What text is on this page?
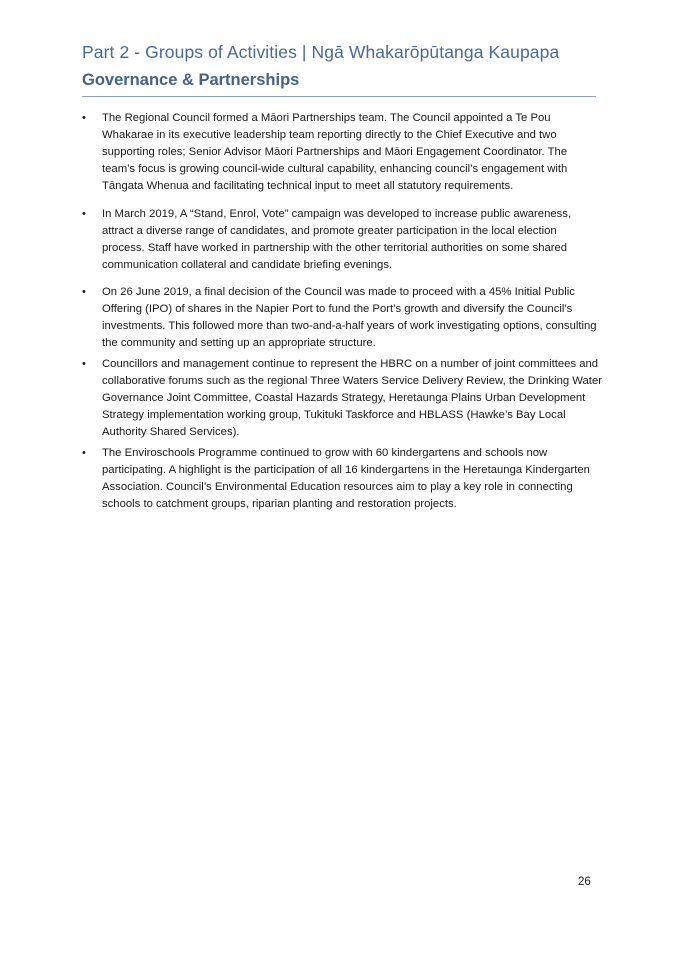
Part 2 - Groups of Activities | Ngā Whakarōpūtanga Kaupapa
Governance & Partnerships
• The Regional Council formed a Māori Partnerships team. The Council appointed a Te Pou Whakarae in its executive leadership team reporting directly to the Chief Executive and two supporting roles; Senior Advisor Māori Partnerships and Māori Engagement Coordinator. The team’s focus is growing council-wide cultural capability, enhancing council’s engagement with Tāngata Whenua and facilitating technical input to meet all statutory requirements.
• In March 2019, A “Stand, Enrol, Vote” campaign was developed to increase public awareness, attract a diverse range of candidates, and promote greater participation in the local election process. Staff have worked in partnership with the other territorial authorities on some shared communication collateral and candidate briefing evenings.
• On 26 June 2019, a final decision of the Council was made to proceed with a 45% Initial Public Offering (IPO) of shares in the Napier Port to fund the Port’s growth and diversify the Council’s investments. This followed more than two-and-a-half years of work investigating options, consulting the community and setting up an appropriate structure.
• Councillors and management continue to represent the HBRC on a number of joint committees and collaborative forums such as the regional Three Waters Service Delivery Review, the Drinking Water Governance Joint Committee, Coastal Hazards Strategy, Heretaunga Plains Urban Development Strategy implementation working group, Tukituki Taskforce and HBLASS (Hawke’s Bay Local Authority Shared Services).
• The Enviroschools Programme continued to grow with 60 kindergartens and schools now participating. A highlight is the participation of all 16 kindergartens in the Heretaunga Kindergarten Association. Council’s Environmental Education resources aim to play a key role in connecting schools to catchment groups, riparian planting and restoration projects.
26
